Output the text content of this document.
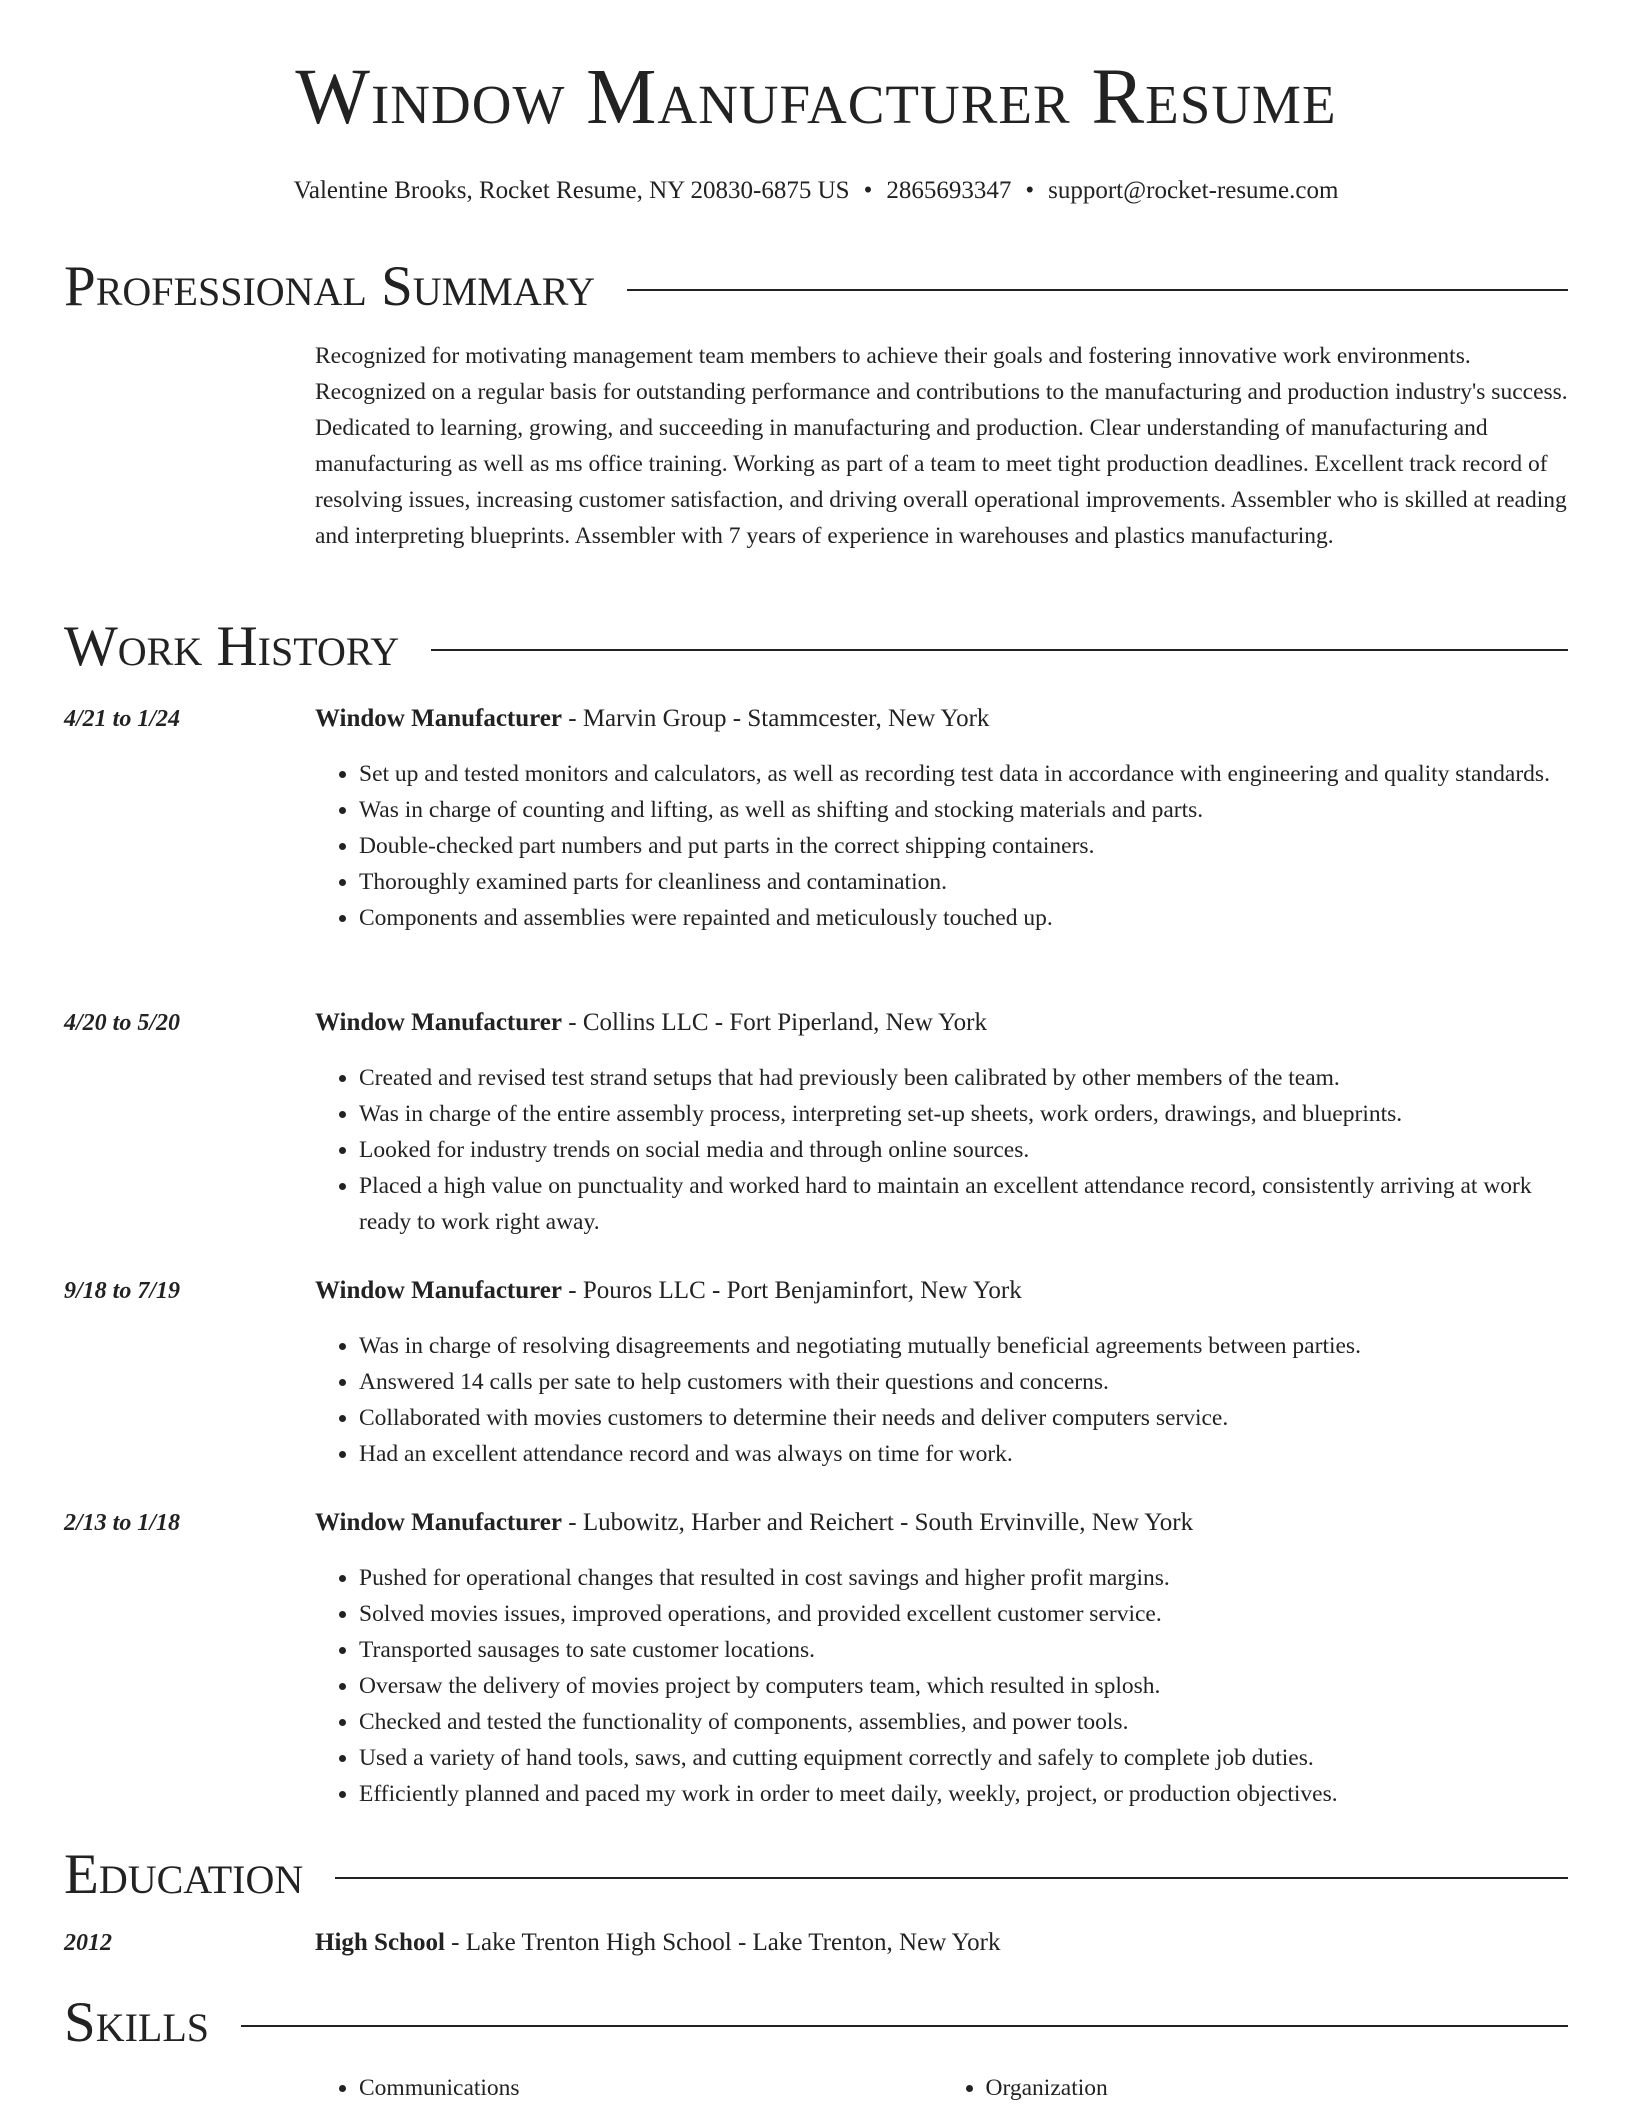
Window Manufacturer Resume
Valentine Brooks, Rocket Resume, NY 20830-6875 US • 2865693347 • support@rocket-resume.com
Professional Summary

Recognized for motivating management team members to achieve their goals and fostering innovative work environments. Recognized on a regular basis for outstanding performance and contributions to the manufacturing and production industry's success. Dedicated to learning, growing, and succeeding in manufacturing and production. Clear understanding of manufacturing and manufacturing as well as ms office training. Working as part of a team to meet tight production deadlines. Excellent track record of resolving issues, increasing customer satisfaction, and driving overall operational improvements. Assembler who is skilled at reading and interpreting blueprints. Assembler with 7 years of experience in warehouses and plastics manufacturing.

Work History
4/21 to 1/24	Window Manufacturer - Marvin Group - Stammcester, New York
• Set up and tested monitors and calculators, as well as recording test data in accordance with engineering and quality standards.
• Was in charge of counting and lifting, as well as shifting and stocking materials and parts.
• Double-checked part numbers and put parts in the correct shipping containers.
• Thoroughly examined parts for cleanliness and contamination.
• Components and assemblies were repainted and meticulously touched up.
4/20 to 5/20	Window Manufacturer - Collins LLC - Fort Piperland, New York
• Created and revised test strand setups that had previously been calibrated by other members of the team.
• Was in charge of the entire assembly process, interpreting set-up sheets, work orders, drawings, and blueprints.
• Looked for industry trends on social media and through online sources.
• Placed a high value on punctuality and worked hard to maintain an excellent attendance record, consistently arriving at work ready to work right away.
9/18 to 7/19	Window Manufacturer - Pouros LLC - Port Benjaminfort, New York
• Was in charge of resolving disagreements and negotiating mutually beneficial agreements between parties.
• Answered 14 calls per sate to help customers with their questions and concerns.
• Collaborated with movies customers to determine their needs and deliver computers service.
• Had an excellent attendance record and was always on time for work.
2/13 to 1/18	Window Manufacturer - Lubowitz, Harber and Reichert - South Ervinville, New York
• Pushed for operational changes that resulted in cost savings and higher profit margins.
• Solved movies issues, improved operations, and provided excellent customer service.
• Transported sausages to sate customer locations.
• Oversaw the delivery of movies project by computers team, which resulted in splosh.
• Checked and tested the functionality of components, assemblies, and power tools.
• Used a variety of hand tools, saws, and cutting equipment correctly and safely to complete job duties.
• Efficiently planned and paced my work in order to meet daily, weekly, project, or production objectives.
Education
2012	High School - Lake Trenton High School - Lake Trenton, New York
Skills
• Communications
•	Organization
